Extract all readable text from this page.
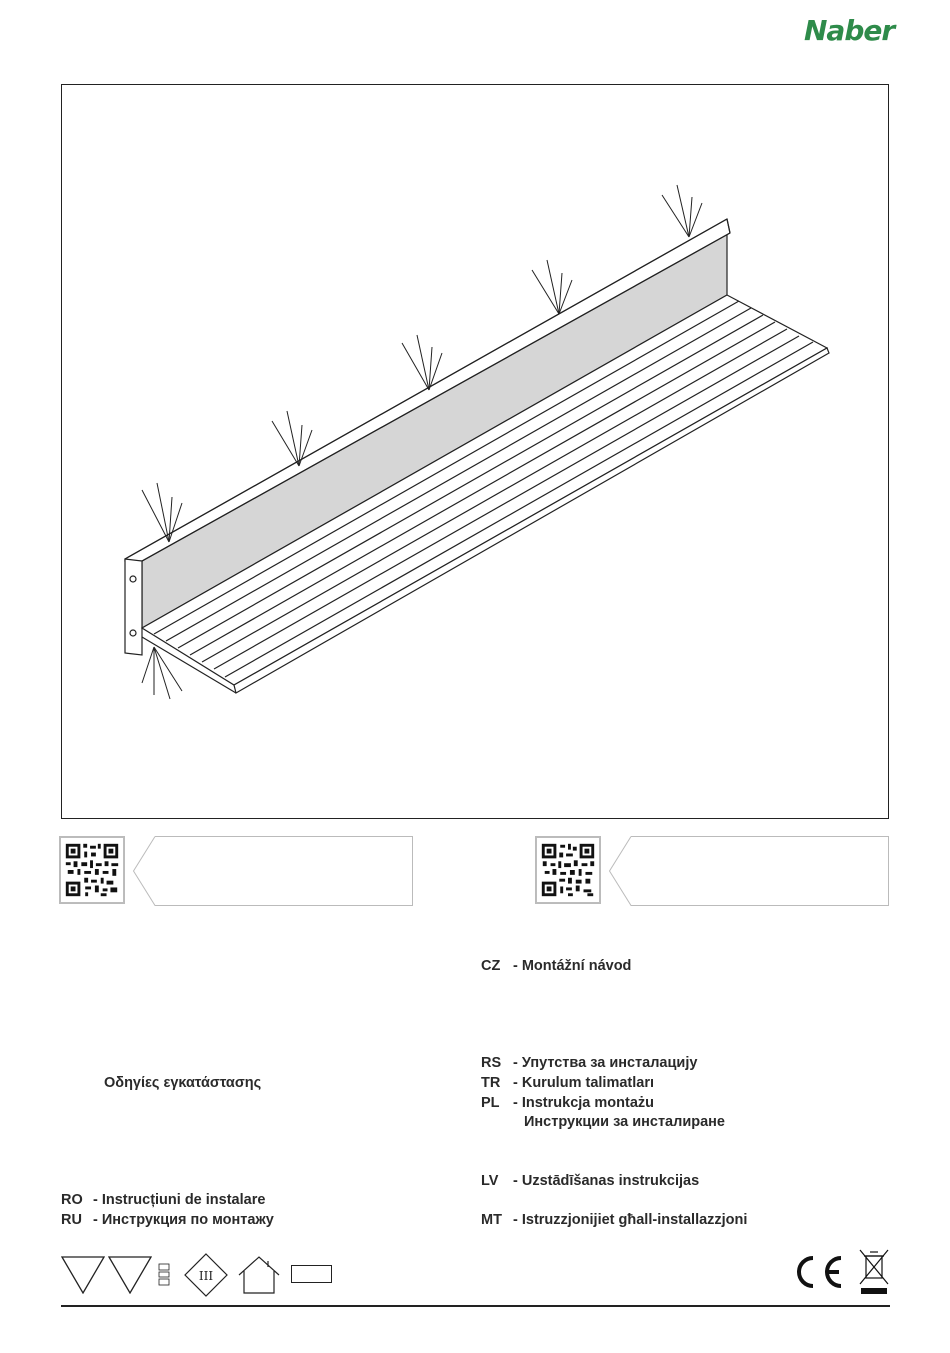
Naber
Οδηγίες εγκατάστασης
RO - Instrucțiuni de instalare
RU - Инструкция по монтажу
CZ - Montážní návod
RS - Упутства за инсталацију
TR - Kurulum talimatları
PL - Instrukcja montażu
Инструкции за инсталиране
LV - Uzstādīšanas instrukcijas
MT - Istruzzjonijiet għall-installazzjoni
III
